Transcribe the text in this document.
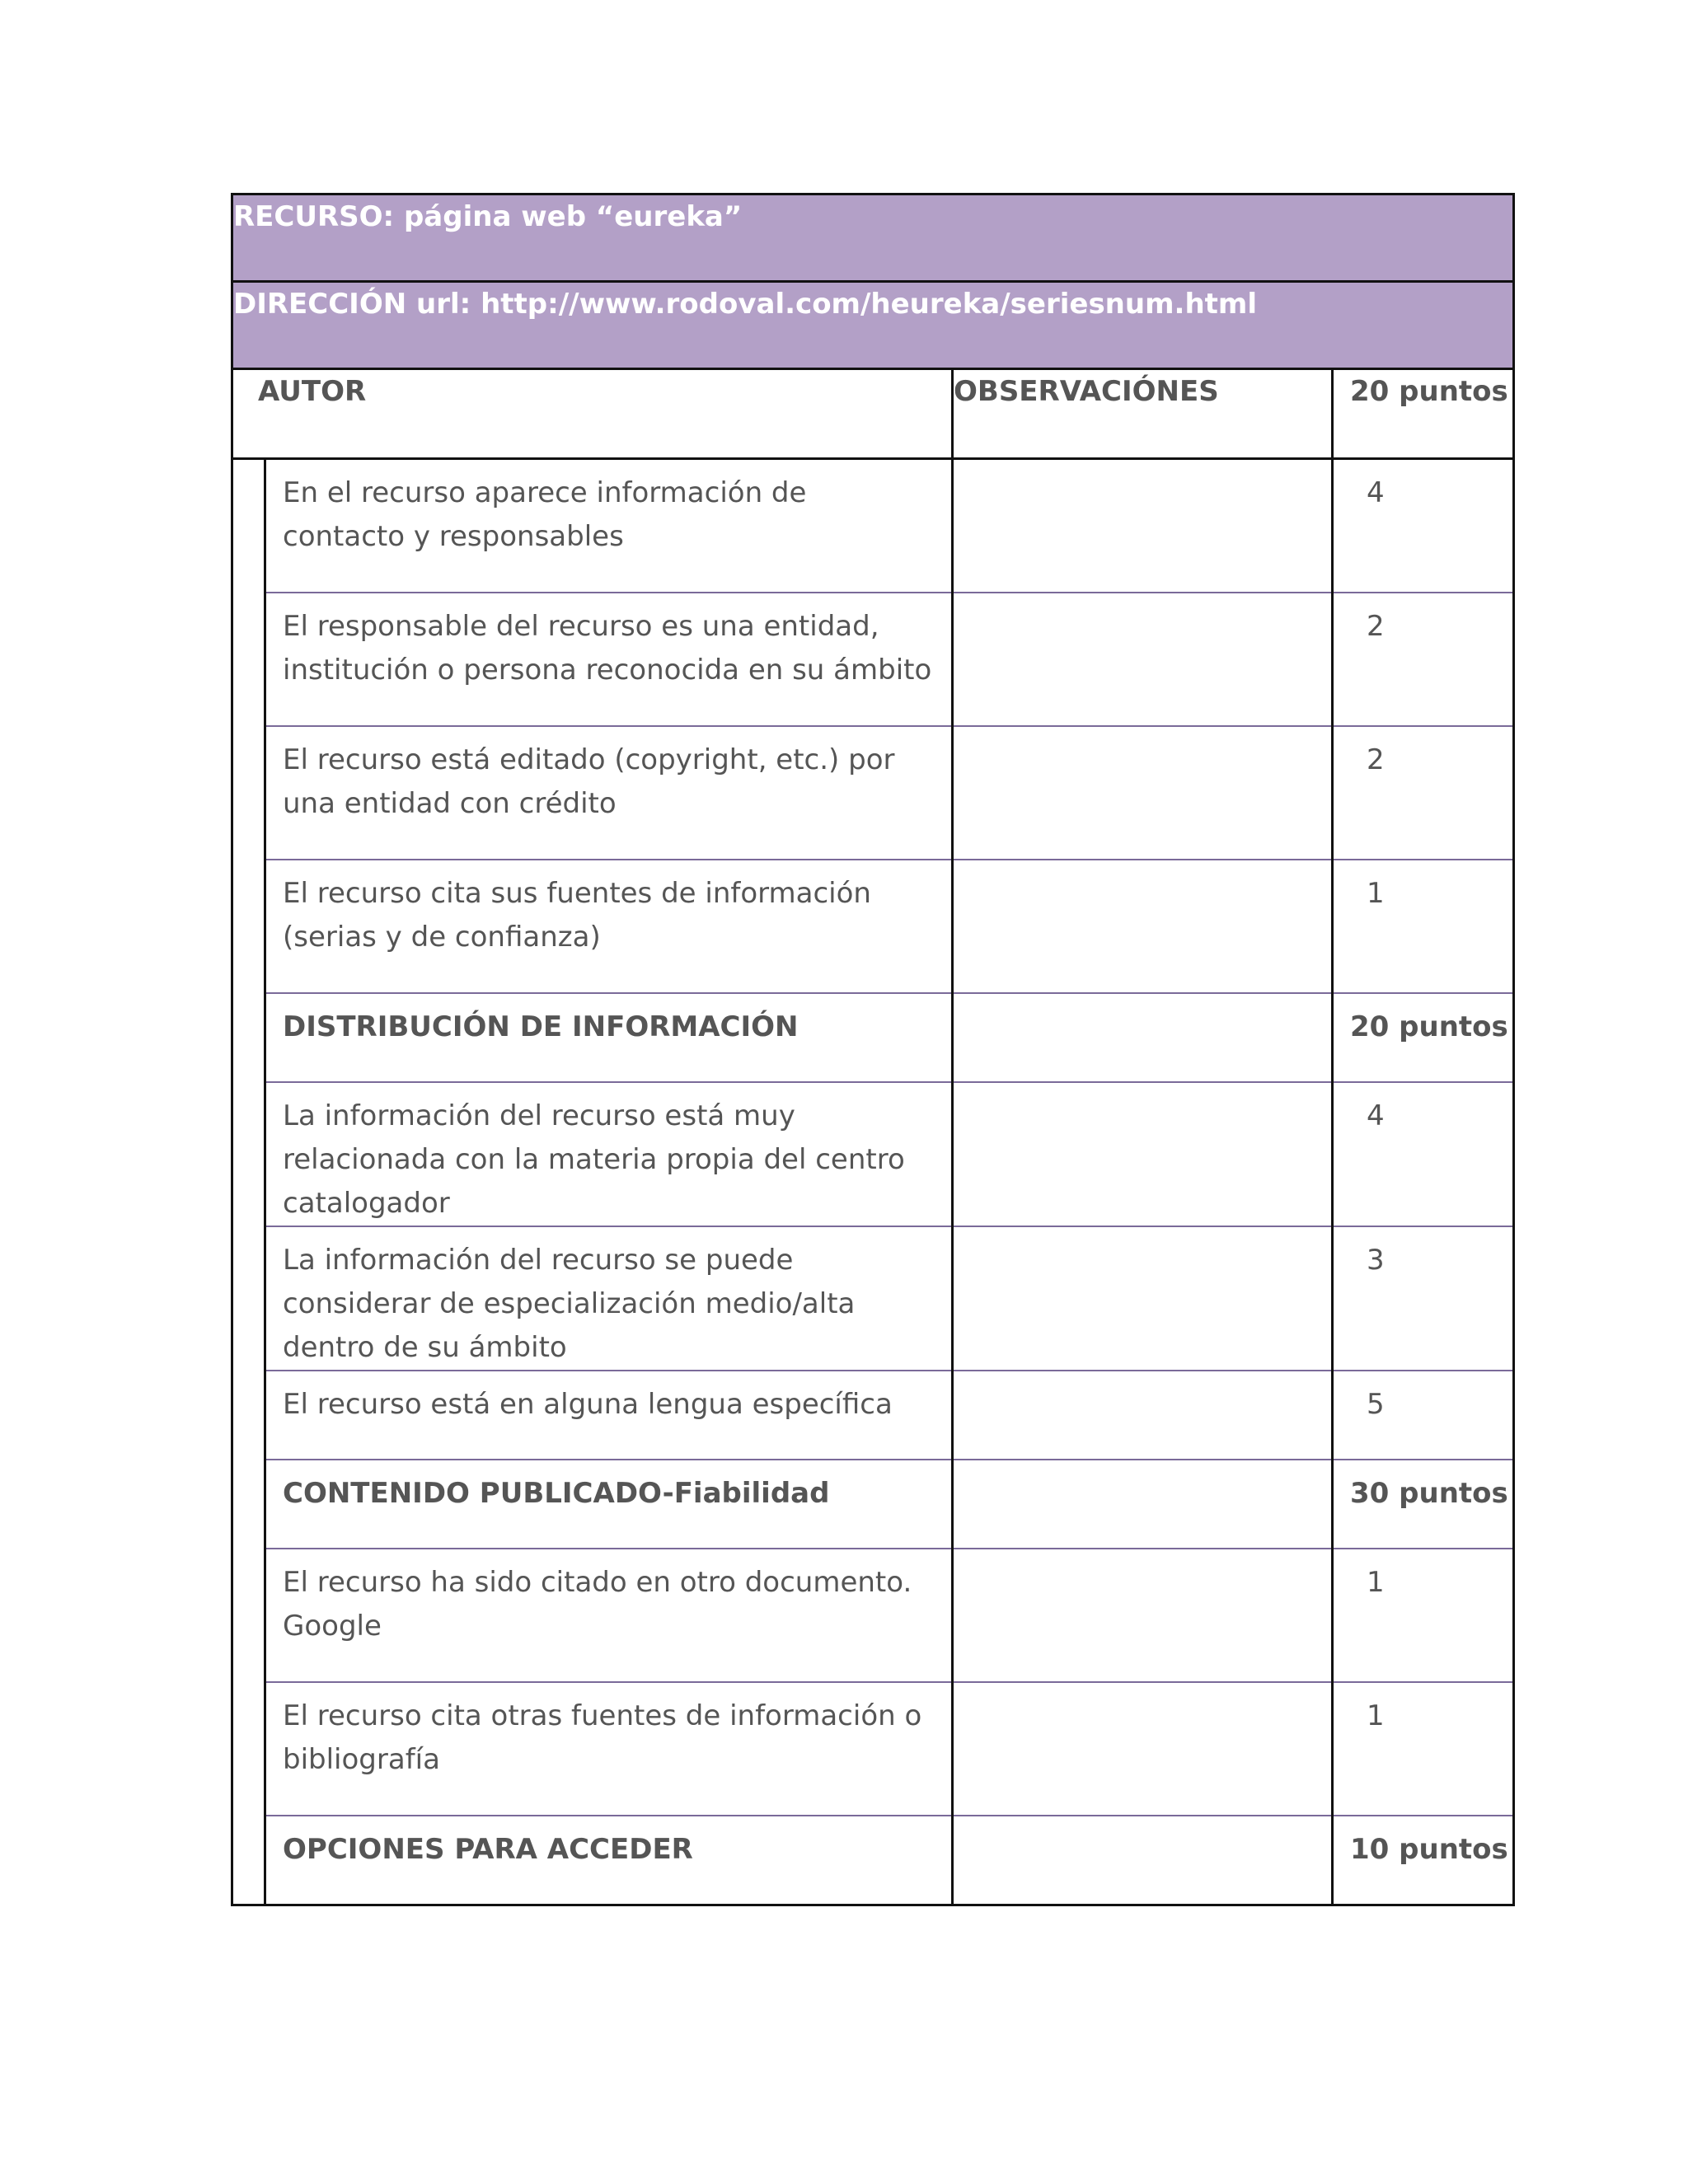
RECURSO: página web “eureka”			
DIRECCIÓN url: http://www.rodoval.com/heureka/seriesnum.html			
AUTOR		OBSERVACIÓNES	20 puntos
	En el recurso aparece información de contacto y responsables		4
	El responsable del recurso es una entidad, institución o persona reconocida en su ámbito		2
	El recurso está editado (copyright, etc.) por una entidad con crédito		2
	El recurso cita sus fuentes de información (serias y de confianza)		1
	DISTRIBUCIÓN DE INFORMACIÓN		20 puntos
	La información del recurso está muy relacionada con la materia propia del centro catalogador		4
	La información del recurso se puede considerar de especialización medio/alta dentro de su ámbito		3
	El recurso está en alguna lengua específica		5
	CONTENIDO PUBLICADO-Fiabilidad		30 puntos
	El recurso ha sido citado en otro documento. Google		1
	El recurso cita otras fuentes de información o bibliografía		1
	OPCIONES PARA ACCEDER		10 puntos
